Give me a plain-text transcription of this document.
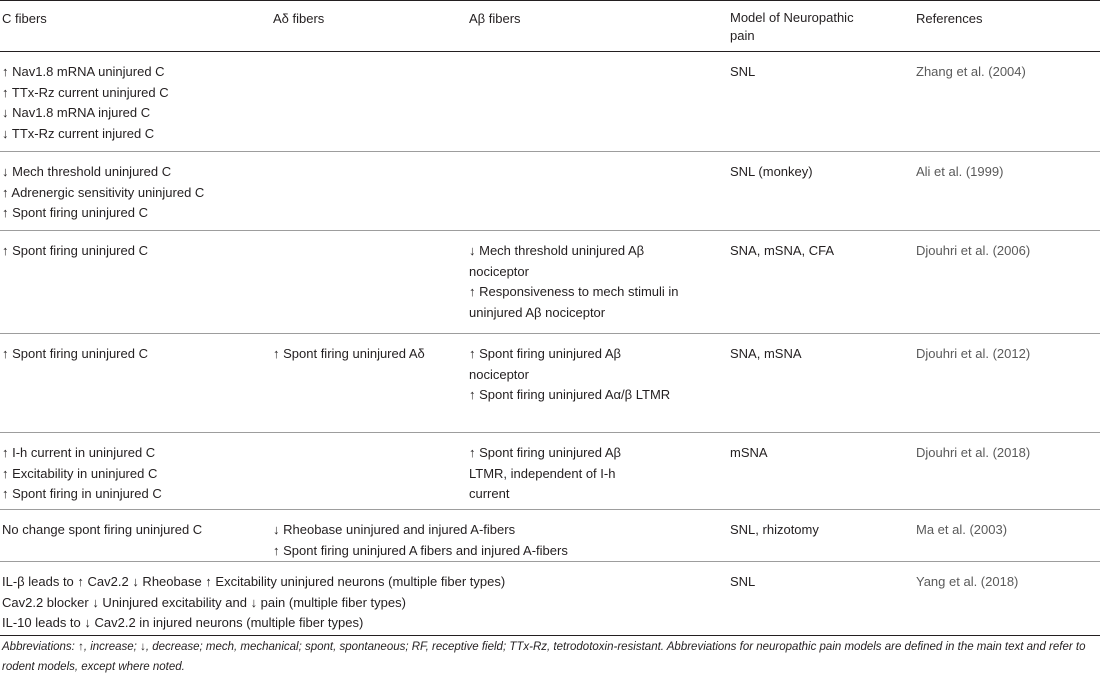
C fibers	Aδ fibers	Aβ fibers	Model of Neuropathic pain	References

↑ Nav1.8 mRNA uninjured C
↑ TTx-Rz current uninjured C
↓ Nav1.8 mRNA injured C
↓ TTx-Rz current injured C			SNL	Zhang et al. (2004)

↓ Mech threshold uninjured C
↑ Adrenergic sensitivity uninjured C
↑ Spont firing uninjured C			SNL (monkey)	Ali et al. (1999)

↑ Spont firing uninjured C		↓ Mech threshold uninjured Aβ nociceptor
↑ Responsiveness to mech stimuli in uninjured Aβ nociceptor	SNA, mSNA, CFA	Djouhri et al. (2006)

↑ Spont firing uninjured C	↑ Spont firing uninjured Aδ	↑ Spont firing uninjured Aβ nociceptor
↑ Spont firing uninjured Aα/β LTMR	SNA, mSNA	Djouhri et al. (2012)

↑ I-h current in uninjured C
↑ Excitability in uninjured C
↑ Spont firing in uninjured C		↑ Spont firing uninjured Aβ LTMR, independent of I-h current	mSNA	Djouhri et al. (2018)

No change spont firing uninjured C	↓ Rheobase uninjured and injured A-fibers
↑ Spont firing uninjured A fibers and injured A-fibers		SNL, rhizotomy	Ma et al. (2003)

IL-β leads to ↑ Cav2.2 ↓ Rheobase ↑ Excitability uninjured neurons (multiple fiber types)
Cav2.2 blocker ↓ Uninjured excitability and ↓ pain (multiple fiber types)
IL-10 leads to ↓ Cav2.2 in injured neurons (multiple fiber types)			SNL	Yang et al. (2018)
Abbreviations: ↑, increase; ↓, decrease; mech, mechanical; spont, spontaneous; RF, receptive field; TTx-Rz, tetrodotoxin-resistant. Abbreviations for neuropathic pain models are defined in the main text and refer to rodent models, except where noted.
